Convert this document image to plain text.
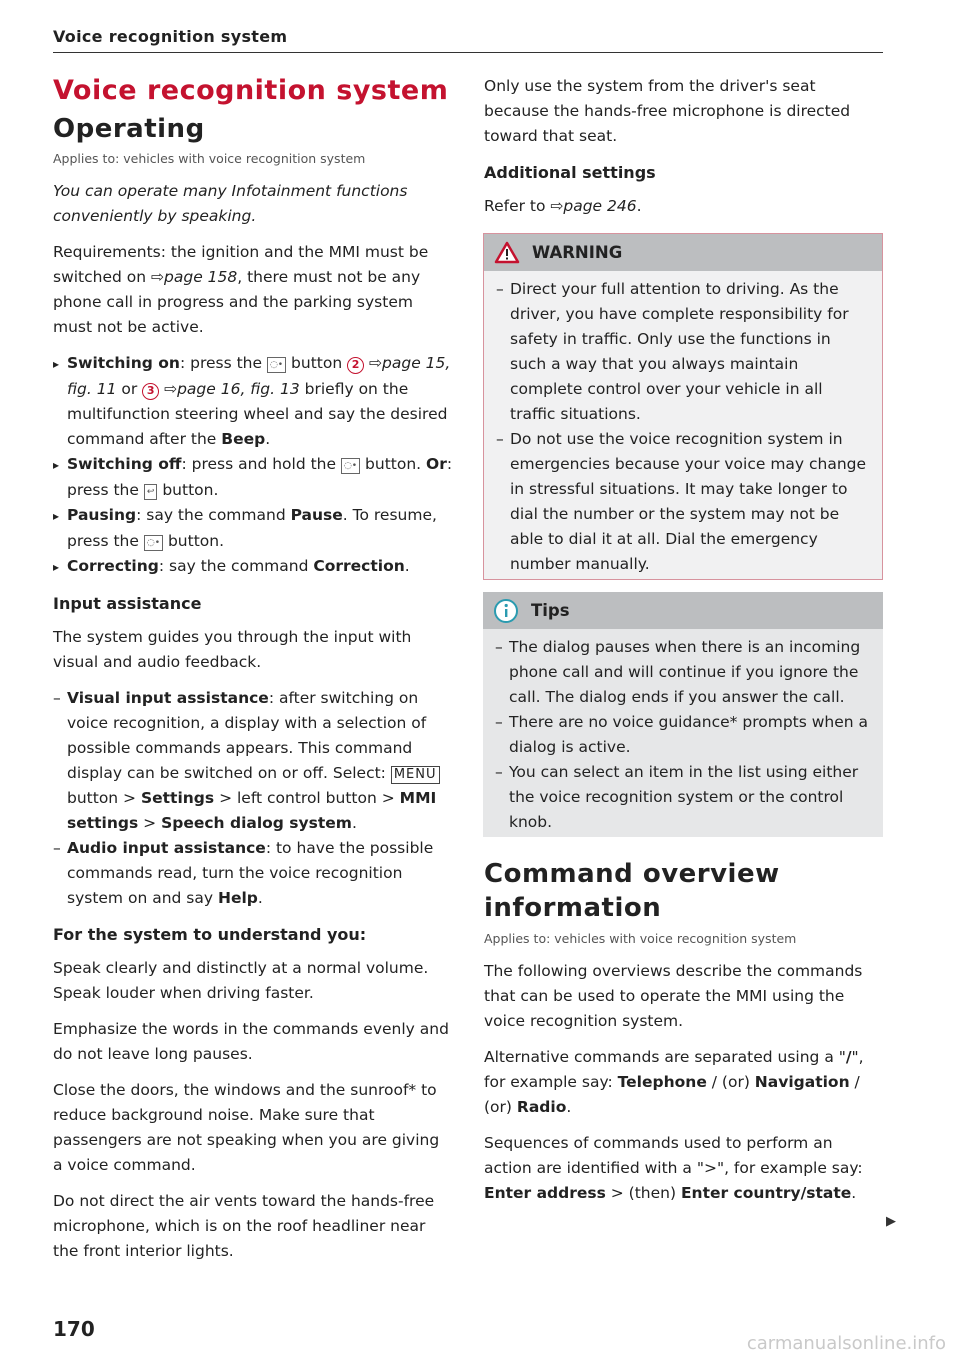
Voice recognition system
Voice recognition system
Operating
Applies to: vehicles with voice recognition system

You can operate many Infotainment functions conveniently by speaking.

Requirements: the ignition and the MMI must be switched on ⇨page 158, there must not be any phone call in progress and the parking system must not be active.

▸ Switching on: press the ◌• button 2 ⇨page 15, fig. 11 or 3 ⇨page 16, fig. 13 briefly on the multifunction steering wheel and say the desired command after the Beep.
▸ Switching off: press and hold the ◌• button. Or: press the ↩ button.
▸ Pausing: say the command Pause. To resume, press the ◌• button.
▸ Correcting: say the command Correction.
Input assistance

The system guides you through the input with visual and audio feedback.

– Visual input assistance: after switching on voice recognition, a display with a selection of possible commands appears. This command display can be switched on or off. Select: MENU button > Settings > left control button > MMI settings > Speech dialog system.
– Audio input assistance: to have the possible commands read, turn the voice recognition system on and say Help.
For the system to understand you:

Speak clearly and distinctly at a normal volume. Speak louder when driving faster.

Emphasize the words in the commands evenly and do not leave long pauses.

Close the doors, the windows and the sunroof* to reduce background noise. Make sure that passengers are not speaking when you are giving a voice command.

Do not direct the air vents toward the hands-free microphone, which is on the roof headliner near the front interior lights.

Only use the system from the driver's seat because the hands-free microphone is directed toward that seat.

Additional settings

Refer to ⇨page 246.

WARNING
– Direct your full attention to driving. As the driver, you have complete responsibility for safety in traffic. Only use the functions in such a way that you always maintain complete control over your vehicle in all traffic situations.
– Do not use the voice recognition system in emergencies because your voice may change in stressful situations. It may take longer to dial the number or the system may not be able to dial it at all. Dial the emergency number manually.
Tips
– The dialog pauses when there is an incoming phone call and will continue if you ignore the call. The dialog ends if you answer the call.
– There are no voice guidance* prompts when a dialog is active.
– You can select an item in the list using either the voice recognition system or the control knob.
Command overview information
Applies to: vehicles with voice recognition system

The following overviews describe the commands that can be used to operate the MMI using the voice recognition system.

Alternative commands are separated using a "/", for example say: Telephone / (or) Navigation / (or) Radio.

Sequences of commands used to perform an action are identified with a ">", for example say: Enter address > (then) Enter country/state.

▶
170
carmanualsonline.info
